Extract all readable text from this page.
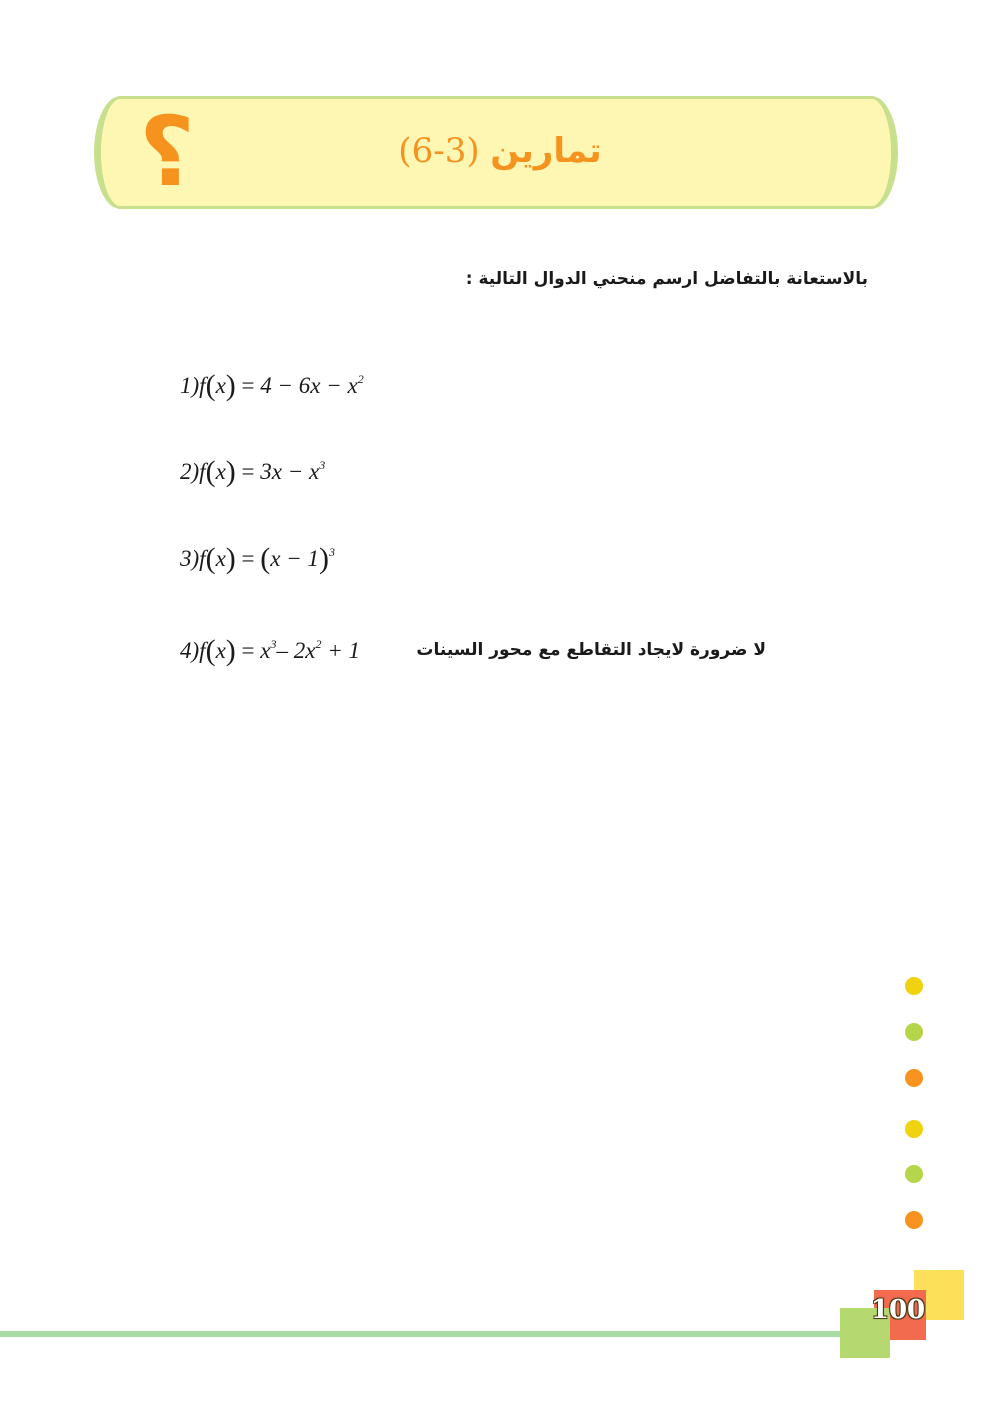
؟	تمارين (3-6)
بالاستعانة بالتفاضل ارسم منحني الدوال التالية :
$1)f(x) = 4 - 6x - x^2$
$2)f(x) = 3x - x^3$
$3)f(x) = (x - 1)^3$
$4)f(x) = x^3-$ $2x^2 + 1$	لا ضرورة لايجاد التقاطع مع محور السينات
100
